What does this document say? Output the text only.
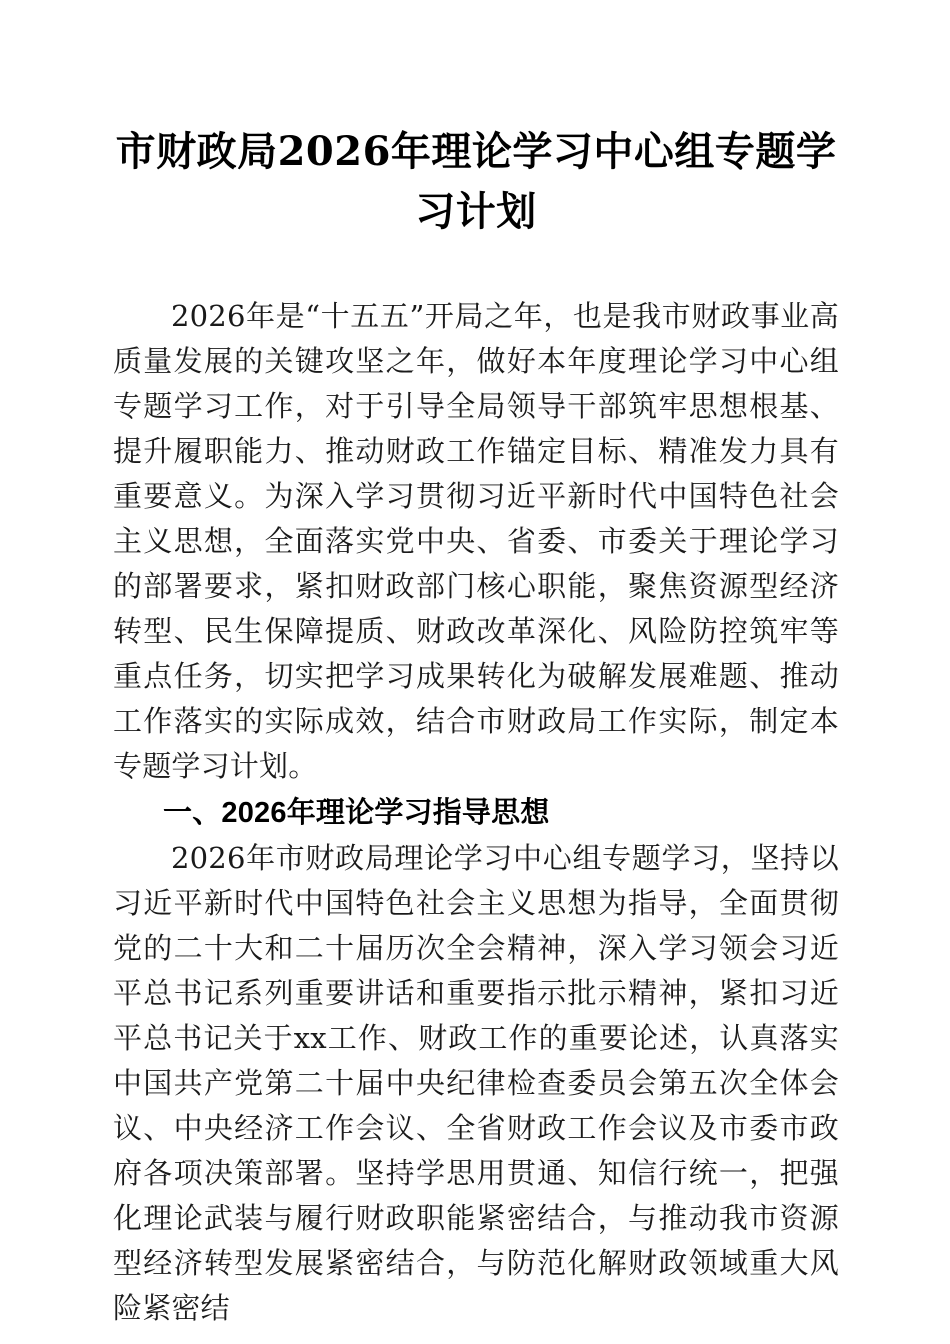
市财政局2026年理论学习中心组专题学习计划

2026年是“十五五”开局之年，也是我市财政事业高质量发展的关键攻坚之年，做好本年度理论学习中心组专题学习工作，对于引导全局领导干部筑牢思想根基、提升履职能力、推动财政工作锚定目标、精准发力具有重要意义。为深入学习贯彻习近平新时代中国特色社会主义思想，全面落实党中央、省委、市委关于理论学习的部署要求，紧扣财政部门核心职能，聚焦资源型经济转型、民生保障提质、财政改革深化、风险防控筑牢等重点任务，切实把学习成果转化为破解发展难题、推动工作落实的实际成效，结合市财政局工作实际，制定本专题学习计划。

一、2026年理论学习指导思想

2026年市财政局理论学习中心组专题学习，坚持以习近平新时代中国特色社会主义思想为指导，全面贯彻党的二十大和二十届历次全会精神，深入学习领会习近平总书记系列重要讲话和重要指示批示精神，紧扣习近平总书记关于xx工作、财政工作的重要论述，认真落实中国共产党第二十届中央纪律检查委员会第五次全体会议、中央经济工作会议、全省财政工作会议及市委市政府各项决策部署。坚持学思用贯通、知信行统一，把强化理论武装与履行财政职能紧密结合，与推动我市资源型经济转型发展紧密结合，与防范化解财政领域重大风险紧密结
